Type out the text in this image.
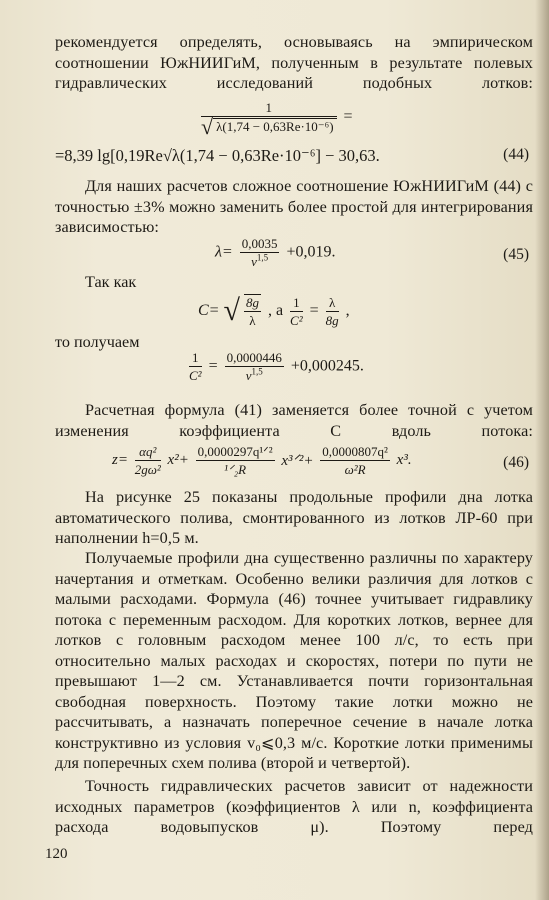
рекомендуется определять, основываясь на эмпирическом соотношении ЮжНИИГиМ, полученным в результате полевых гидравлических исследований подобных лотков:

$\frac{1}{\text{√ λ(1,74 − 0,63Re·10⁻⁶)}}$ =
=8,39 lg[0,19Re√λ(1,74 − 0,63Re·10⁻⁶] − 30,63.	(44)

Для наших расчетов сложное соотношение ЮжНИИГиМ (44) с точностью ±3% можно заменить более простой для интегрирования зависимостью:

$\lambda= \frac{0,0035}{v^{1,5}} +0,019$.	(45)
Так как
C= √ $\frac{8g}{\lambda}$ , а $\frac{1}{\text{C²}} = \frac{\lambda}{8g}$ ,
то получаем
$\frac{1}{\text{C²}} = \frac{0,0000446}{v^{1,5}} +0,000245$.

Расчетная формула (41) заменяется более точной с учетом изменения коэффициента C вдоль потока:

$z= \frac{\text{αq²}}{\text{2gω²}} x^2+ \frac{\text{0,0000297q¹ᐟ²}}{\text{¹ᐟ₂R}}$ x³ᐟ²+ $\frac{\text{0,0000807q²}}{\text{ω²R}} x^3$.	(46)

На рисунке 25 показаны продольные профили дна лотка автоматического полива, смонтированного из лотков ЛР-60 при наполнении h=0,5 м.

Получаемые профили дна существенно различны по характеру начертания и отметкам. Особенно велики различия для лотков с малыми расходами. Формула (46) точнее учитывает гидравлику потока с переменным расходом. Для коротких лотков, вернее для лотков с головным расходом менее 100 л/с, то есть при относительно малых расходах и скоростях, потери по пути не превышают 1—2 см. Устанавливается почти горизонтальная свободная поверхность. Поэтому такие лотки можно не рассчитывать, а назначать поперечное сечение в начале лотка конструктивно из условия v₀⩽0,3 м/с. Короткие лотки применимы для поперечных схем полива (второй и четвертой).

Точность гидравлических расчетов зависит от надежности исходных параметров (коэффициентов λ или n, коэффициента расхода водовыпусков μ). Поэтому перед

120
